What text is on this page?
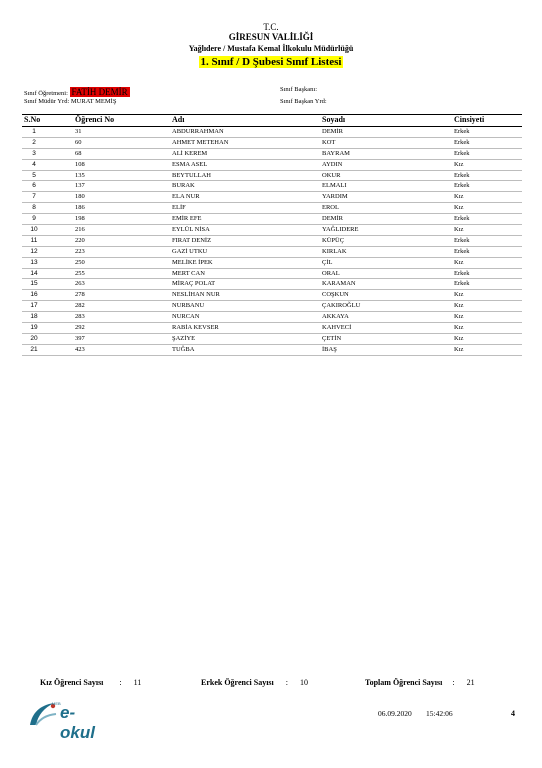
T.C.
GİRESUN VALİLİĞİ
Yağlıdere / Mustafa Kemal İlkokulu Müdürlüğü
1. Sınıf / D Şubesi Sınıf Listesi
Sınıf Öğretmeni: FATİH DEMİR
Sınıf Müdür Yrd: MURAT MEMİŞ
Sınıf Başkanı:
Sınıf Başkan Yrd:
S.No	Öğrenci No	Adı	Soyadı	Cinsiyeti
1	31	ABDURRAHMAN	DEMİR	Erkek
2	60	AHMET METEHAN	KOT	Erkek
3	68	ALİ KEREM	BAYRAM	Erkek
4	108	ESMA ASEL	AYDIN	Kız
5	135	BEYTULLAH	OKUR	Erkek
6	137	BURAK	ELMALI	Erkek
7	180	ELA NUR	YARDIM	Kız
8	186	ELİF	EROL	Kız
9	198	EMİR EFE	DEMİR	Erkek
10	216	EYLÜL NİSA	YAĞLIDERE	Kız
11	220	FIRAT DENİZ	KÜPÜÇ	Erkek
12	223	GAZİ UTKU	KIRLAK	Erkek
13	250	MELİKE İPEK	ÇİL	Kız
14	255	MERT CAN	ORAL	Erkek
15	263	MİRAÇ POLAT	KARAMAN	Erkek
16	278	NESLİHAN NUR	COŞKUN	Kız
17	282	NURBANU	ÇAKIROĞLU	Kız
18	283	NURCAN	AKKAYA	Kız
19	292	RABİA KEVSER	KAHVECİ	Kız
20	397	ŞAZİYE	ÇETİN	Kız
21	423	TUĞBA	İBAŞ	Kız
Kız Öğrenci Sayısı : 11	Erkek Öğrenci Sayısı : 10	Toplam Öğrenci Sayısı : 21
MEB e-okul
06.09.2020 15:42:06	4
